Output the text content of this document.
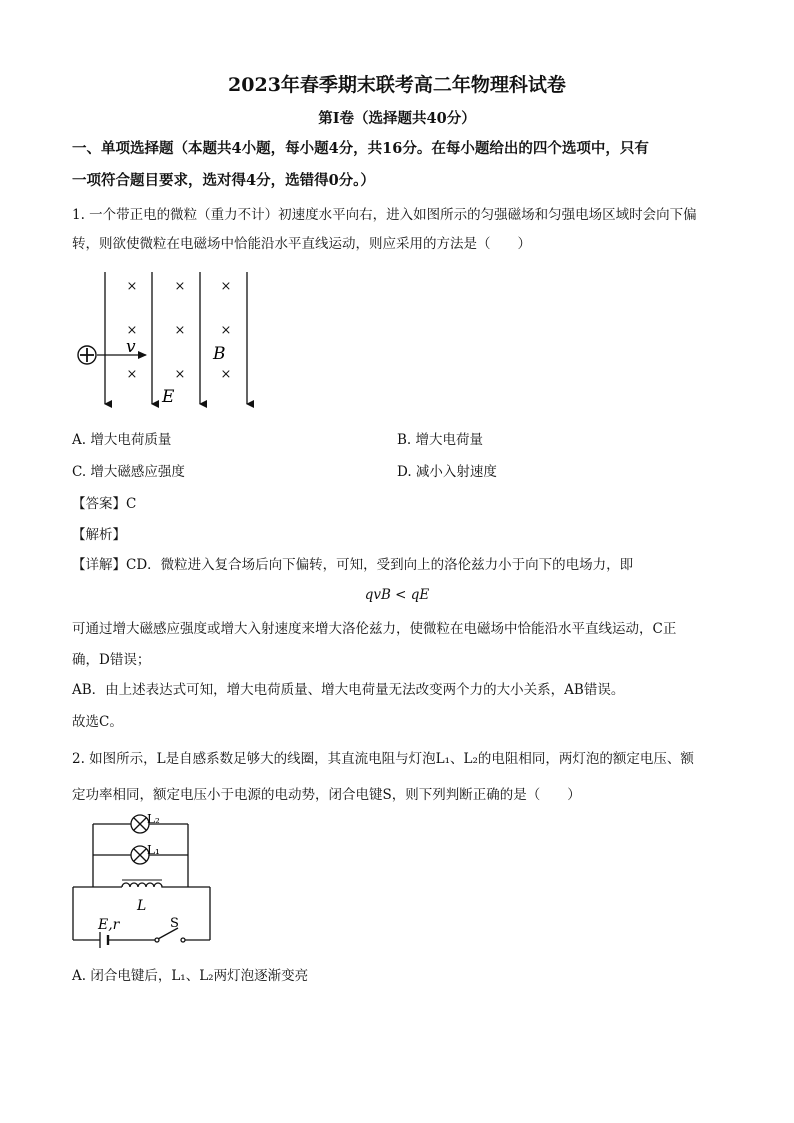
2023年春季期末联考高二年物理科试卷
第I卷（选择题共40分）
一、单项选择题（本题共4小题，每小题4分，共16分。在每小题给出的四个选项中，只有
一项符合题目要求，选对得4分，选错得0分。）
1. 一个带正电的微粒（重力不计）初速度水平向右，进入如图所示的匀强磁场和匀强电场区域时会向下偏
转，则欲使微粒在电磁场中恰能沿水平直线运动，则应采用的方法是（　　）
×	×	×
×	×	×
×	×	×
v	B
E
A. 增大电荷质量	B. 增大电荷量
C. 增大磁感应强度	D. 减小入射速度
【答案】C
【解析】
【详解】CD．微粒进入复合场后向下偏转，可知，受到向上的洛伦兹力小于向下的电场力，即
qvB < qE
可通过增大磁感应强度或增大入射速度来增大洛伦兹力，使微粒在电磁场中恰能沿水平直线运动，C正
确，D错误；
AB．由上述表达式可知，增大电荷质量、增大电荷量无法改变两个力的大小关系，AB错误。
故选C。
2. 如图所示，L是自感系数足够大的线圈，其直流电阻与灯泡L₁、L₂的电阻相同，两灯泡的额定电压、额
定功率相同，额定电压小于电源的电动势，闭合电键S，则下列判断正确的是（　　）
L₂
L₁
L
E,r	S
A. 闭合电键后，L₁、L₂两灯泡逐渐变亮
